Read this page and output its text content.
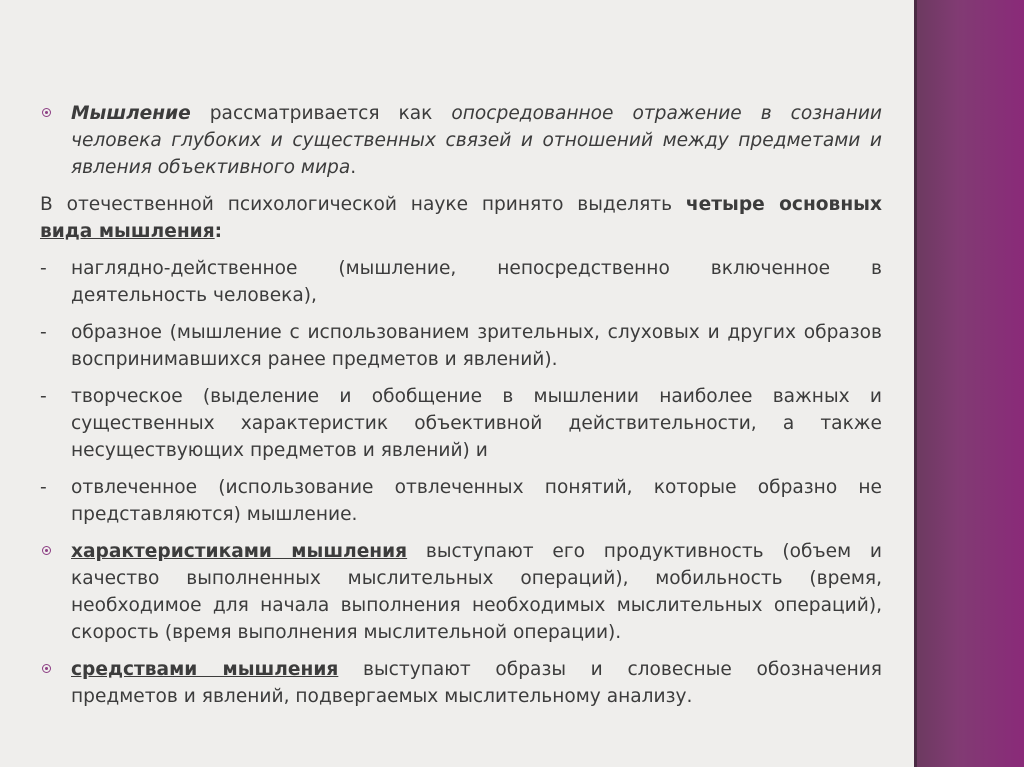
Мышление рассматривается как опосредованное отражение в сознании человека глубоких и существенных связей и отношений между предметами и явления объективного мира.

В отечественной психологической науке принято выделять четыре основных вида мышления:

- наглядно-действенное (мышление, непосредственно включенное в деятельность человека),

- образное (мышление с использованием зрительных, слуховых и других образов воспринимавшихся ранее предметов и явлений).

- творческое (выделение и обобщение в мышлении наиболее важных и существенных характеристик объективной действительности, а также несуществующих предметов и явлений) и

- отвлеченное (использование отвлеченных понятий, которые образно не представляются) мышление.

характеристиками мышления выступают его продуктивность (объем и качество выполненных мыслительных операций), мобильность (время, необходимое для начала выполнения необходимых мыслительных операций), скорость (время выполнения мыслительной операции).

средствами мышления выступают образы и словесные обозначения предметов и явлений, подвергаемых мыслительному анализу.
